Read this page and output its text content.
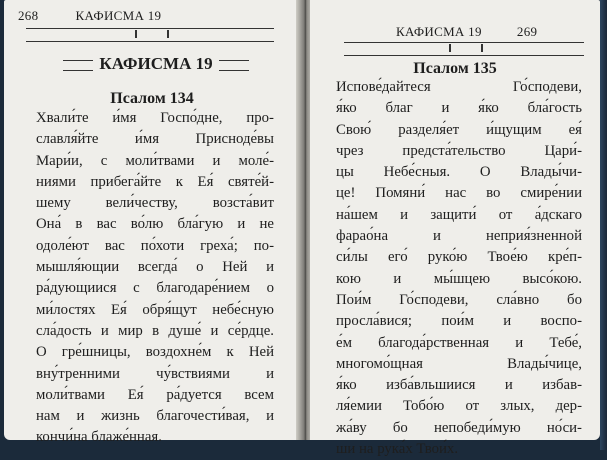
268	КАФИСМА 19
КАФИСМА 19
Псалом 134
Хвали́те и́мя Госпо́дне, про-
славля́йте и́мя Присноде́вы
Мари́и, с моли́твами и моле́-
ниями прибега́йте к Ея́ святе́й-
шему вели́честву, возста́вит
Она́ в вас во́лю бла́гую и не
одоле́ют вас по́хоти греха́; по-
мышля́ющии всегда́ о Ней и
ра́дующиися с благодаре́нием о
ми́лостях Ея́ обря́щут небе́сную
сла́дость и мир в душе́ и се́рдце.
О гре́шницы, воздохне́м к Ней
вну́тренними чу́вствиями и
моли́твами Ея́ ра́дуется всем
нам и жизнь благочести́вая, и
кончи́на блаже́нная.
КАФИСМА 19	269
Псалом 135
Испове́дайтеся Го́сподеви,
я́ко благ и я́ко бла́гость
Свою́ разделя́ет и́щущим ея́
чрез предста́тельство Цари́-
цы Небе́сныя. О Влады́чи-
це! Помяни́ нас во смире́нии
на́шем и защити́ от а́дскаго
фарао́на и неприя́зненной
си́лы его́ руко́ю Твое́ю кре́п-
кою и мы́шцею высо́кою.
Пои́м Го́сподеви, сла́вно бо
просла́вися; пои́м и воспо-
е́м благода́рственная и Тебе́,
многомо́щная Влады́чице,
я́ко изба́вльшиися и избав-
ля́емии Тобо́ю от злых, дер-
жа́ву бо непобеди́мую но́си-
ши на рука́х Твои́х.
